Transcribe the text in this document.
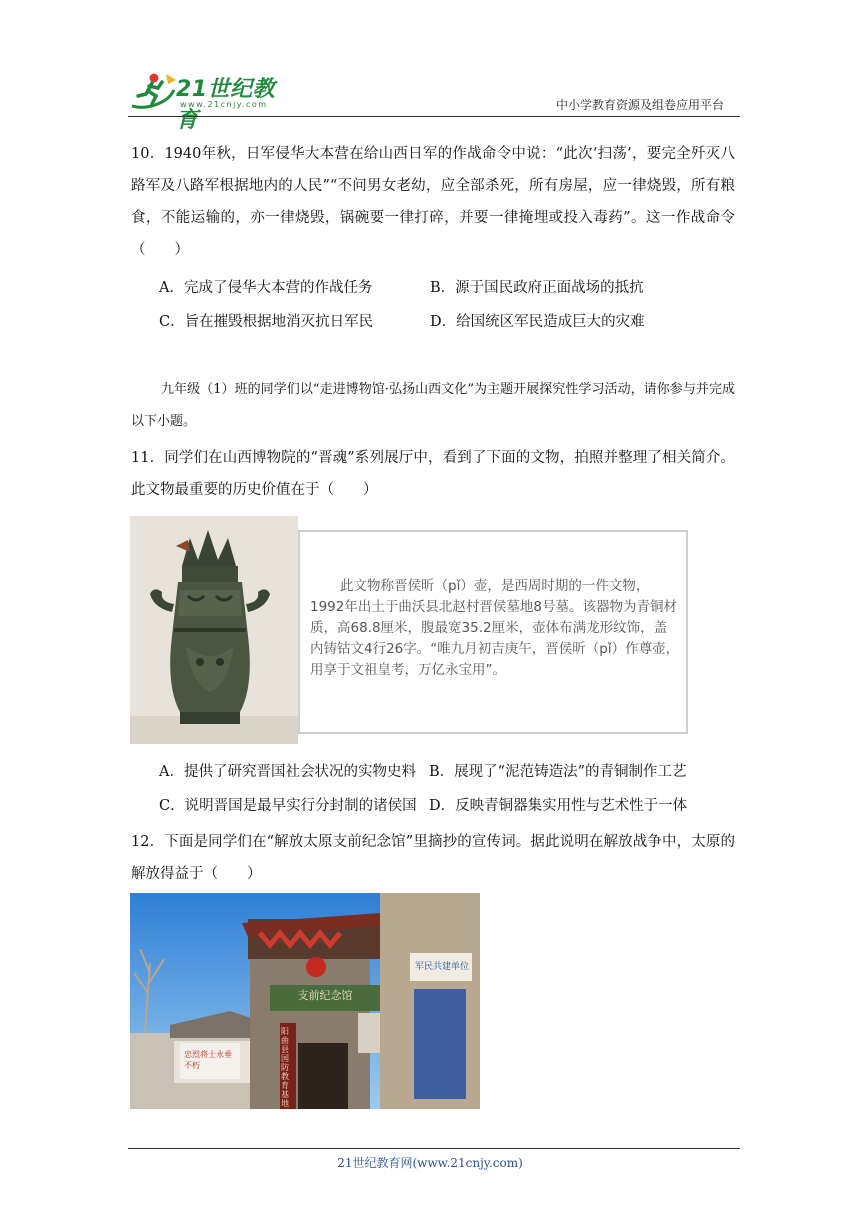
21世纪教育
www.21cnjy.com	中小学教育资源及组卷应用平台
10．1940年秋，日军侵华大本营在给山西日军的作战命令中说：“此次‘扫荡’，要完全歼灭八路军及八路军根据地内的人民”“不问男女老幼，应全部杀死，所有房屋，应一律烧毁，所有粮食，不能运输的，亦一律烧毁，锅碗要一律打碎，并要一律掩埋或投入毒药”。这一作战命令（　　）
A．完成了侵华大本营的作战任务	B．源于国民政府正面战场的抵抗
C．旨在摧毁根据地消灭抗日军民	D．给国统区军民造成巨大的灾难
九年级（1）班的同学们以“走进博物馆·弘扬山西文化”为主题开展探究性学习活动，请你参与并完成以下小题。
11．同学们在山西博物院的“晋魂”系列展厅中，看到了下面的文物，拍照并整理了相关简介。此文物最重要的历史价值在于（　　）
此文物称晋侯昕（pǐ）壶，是西周时期的一件文物，1992年出土于曲沃县北赵村晋侯墓地8号墓。该器物为青铜材质，高68.8厘米，腹最宽35.2厘米，壶体布满龙形纹饰，盖内铸钴文4行26字。“唯九月初吉庚午，晋侯昕（pǐ）作尊壶，用享于文祖皇考，万亿永宝用”。
A．提供了研究晋国社会状况的实物史料 B．展现了“泥范铸造法”的青铜制作工艺
C．说明晋国是最早实行分封制的诸侯国 D．反映青铜器集实用性与艺术性于一体
12．下面是同学们在“解放太原支前纪念馆”里摘抄的宣传词。据此说明在解放战争中，太原的解放得益于（　　）
支前纪念馆
军民共建单位
阳曲县国防教育基地
忠烈将士永垂不朽
21世纪教育网(www.21cnjy.com)
